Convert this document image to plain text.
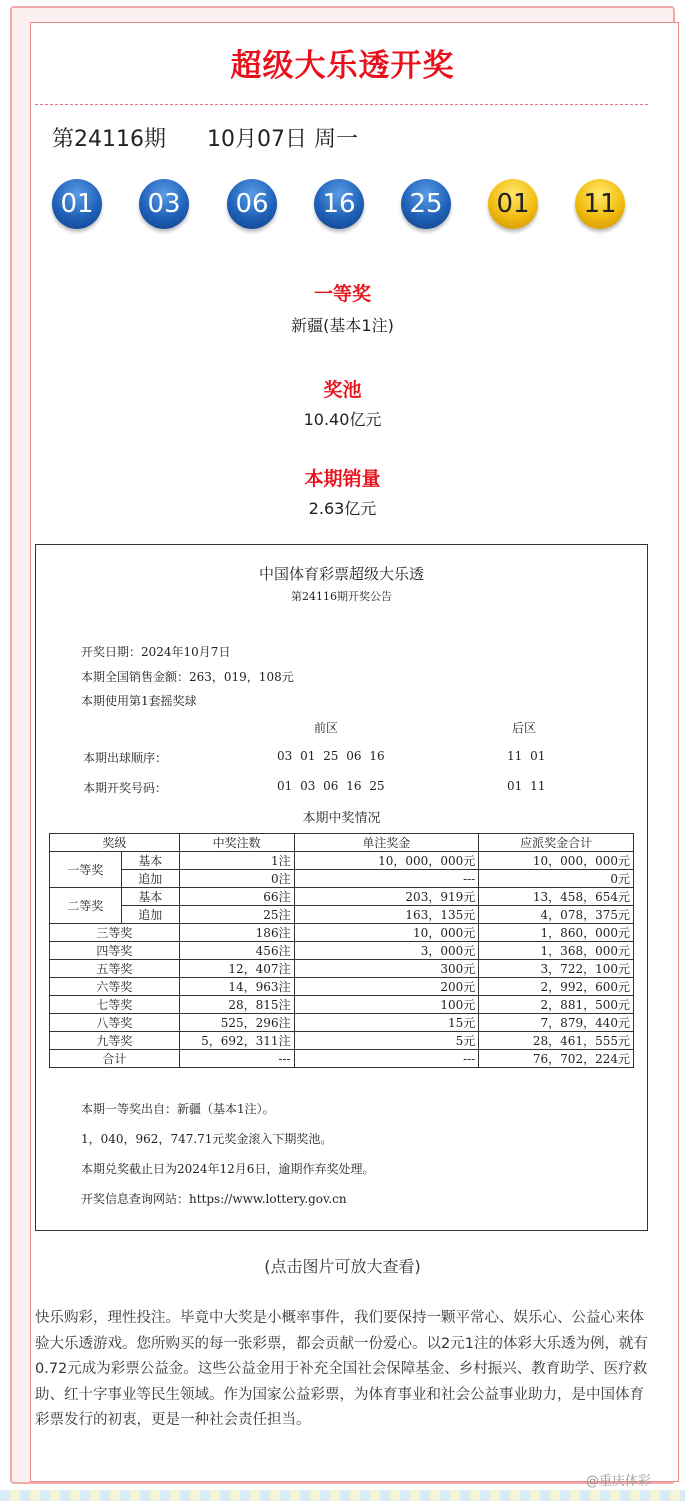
超级大乐透开奖
第24116期 10月07日 周一
01	03	06	16	25	01	11
一等奖
新疆(基本1注)
奖池
10.40亿元
本期销量
2.63亿元
中国体育彩票超级大乐透
第24116期开奖公告
开奖日期：2024年10月7日
本期全国销售金额：263，019，108元
本期使用第1套摇奖球
前区	后区
本期出球顺序：	03 01 25 06 16	11 01
本期开奖号码：	01 03 06 16 25	01 11
本期中奖情况
奖级		中奖注数	单注奖金	应派奖金合计
一等奖	基本	1注	10，000，000元	10，000，000元
	追加	0注	---	0元
二等奖	基本	66注	203，919元	13，458，654元
	追加	25注	163，135元	4，078，375元
三等奖		186注	10，000元	1，860，000元
四等奖		456注	3，000元	1，368，000元
五等奖		12，407注	300元	3，722，100元
六等奖		14，963注	200元	2，992，600元
七等奖		28，815注	100元	2，881，500元
八等奖		525，296注	15元	7，879，440元
九等奖		5，692，311注	5元	28，461，555元
合计		---	---	76，702，224元
本期一等奖出自：新疆（基本1注）。
1，040，962，747.71元奖金滚入下期奖池。
本期兑奖截止日为2024年12月6日，逾期作弃奖处理。
开奖信息查询网站：https://www.lottery.gov.cn
(点击图片可放大查看)
快乐购彩，理性投注。毕竟中大奖是小概率事件，我们要保持一颗平常心、娱乐心、公益心来体验大乐透游戏。您所购买的每一张彩票，都会贡献一份爱心。以2元1注的体彩大乐透为例，就有0.72元成为彩票公益金。这些公益金用于补充全国社会保障基金、乡村振兴、教育助学、医疗救助、红十字事业等民生领域。作为国家公益彩票，为体育事业和社会公益事业助力，是中国体育彩票发行的初衷，更是一种社会责任担当。
@重庆体彩
